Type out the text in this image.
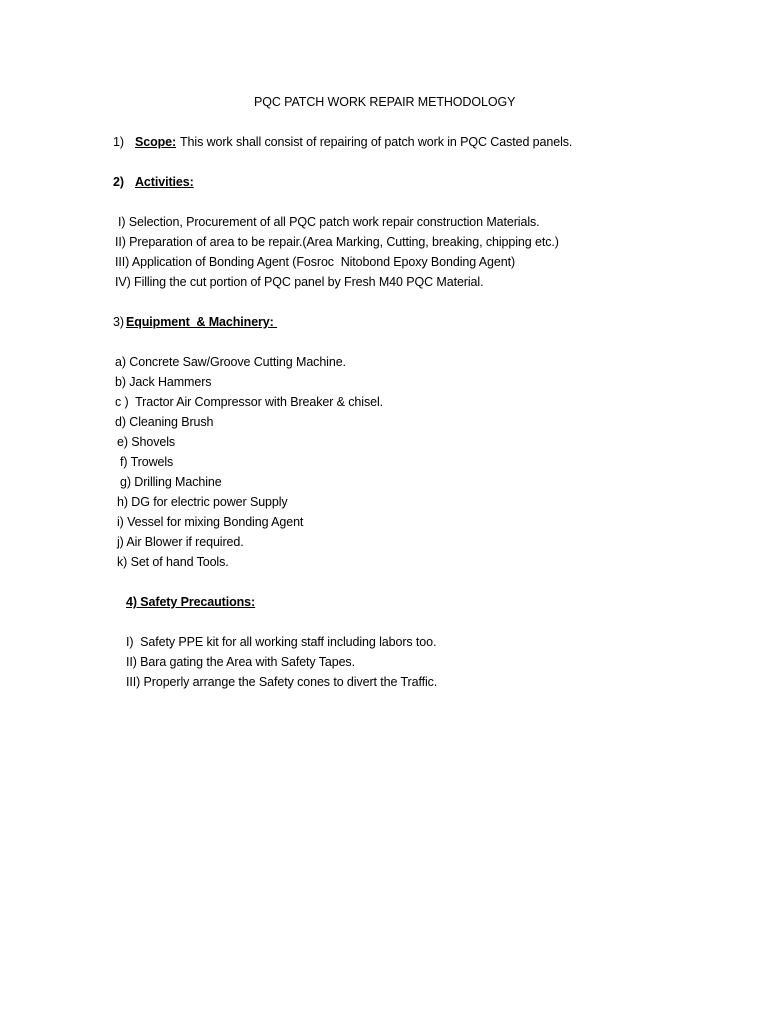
PQC PATCH WORK REPAIR METHODOLOGY
1) Scope: This work shall consist of repairing of patch work in PQC Casted panels.
2) Activities:
I) Selection, Procurement of all PQC patch work repair construction Materials.
II) Preparation of area to be repair.(Area Marking, Cutting, breaking, chipping etc.)
III) Application of Bonding Agent (Fosroc  Nitobond Epoxy Bonding Agent)
IV) Filling the cut portion of PQC panel by Fresh M40 PQC Material.
3) Equipment  & Machinery:
a) Concrete Saw/Groove Cutting Machine.
b) Jack Hammers
c )  Tractor Air Compressor with Breaker & chisel.
d) Cleaning Brush
e) Shovels
f) Trowels
g) Drilling Machine
h) DG for electric power Supply
i) Vessel for mixing Bonding Agent
j) Air Blower if required.
k) Set of hand Tools.
4) Safety Precautions:
I)  Safety PPE kit for all working staff including labors too.
II) Bara gating the Area with Safety Tapes.
III) Properly arrange the Safety cones to divert the Traffic.
